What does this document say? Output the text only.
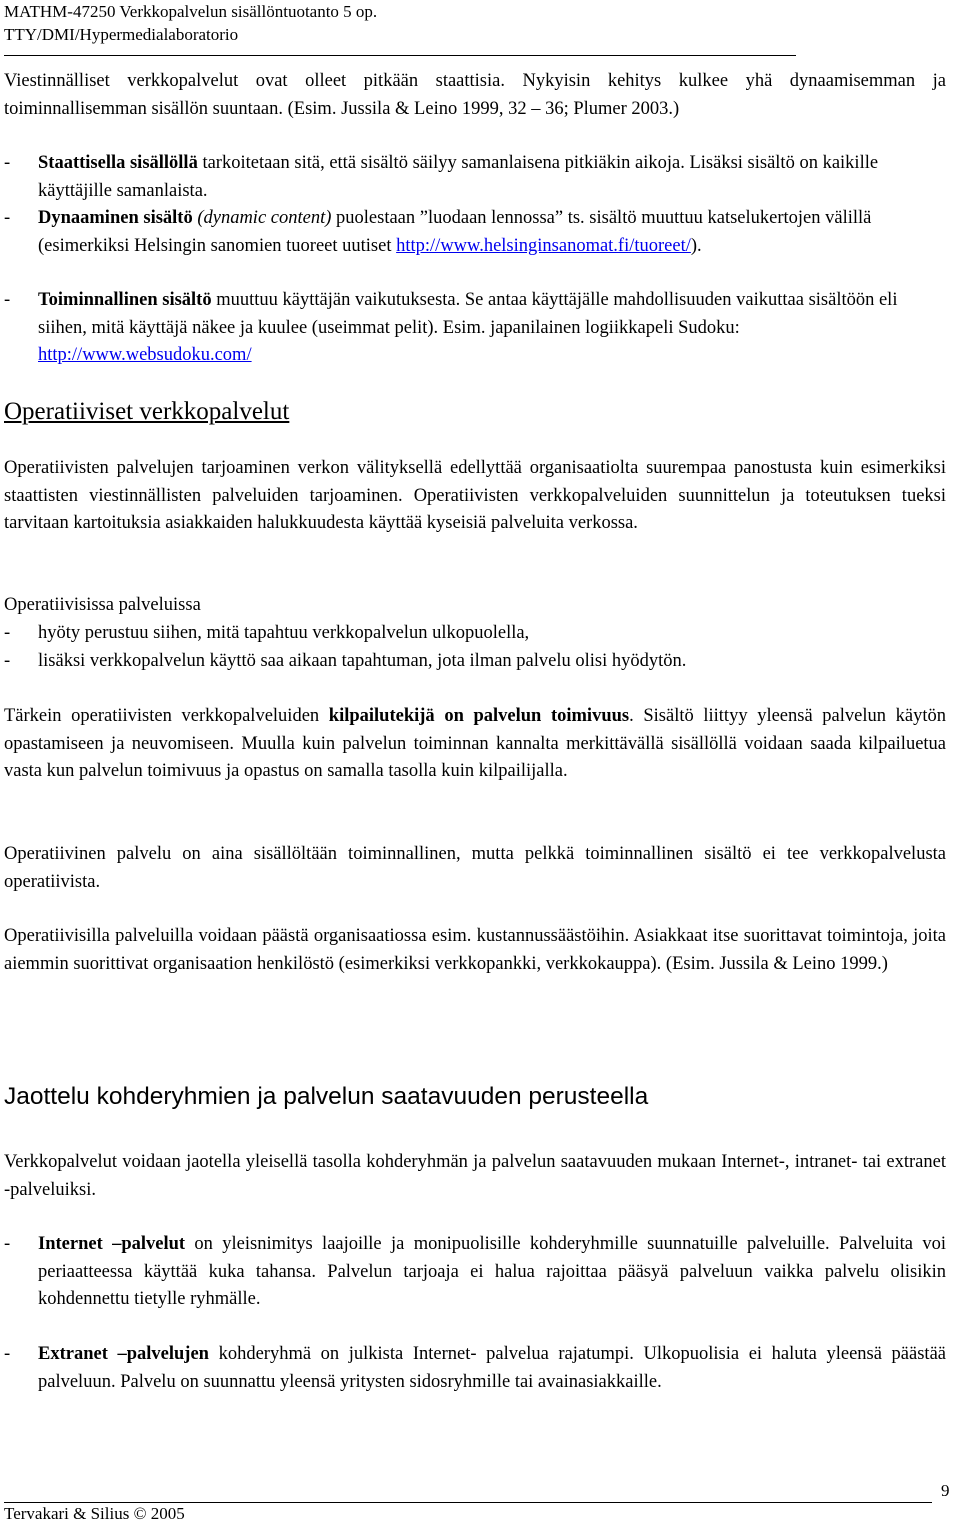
MATHM-47250 Verkkopalvelun sisällöntuotanto 5 op.

TTY/DMI/Hypermedialaboratorio

Viestinnälliset verkkopalvelut ovat olleet pitkään staattisia. Nykyisin kehitys kulkee yhä dynaamisemman ja toiminnallisemman sisällön suuntaan. (Esim. Jussila & Leino 1999, 32 – 36; Plumer 2003.)

- Staattisella sisällöllä tarkoitetaan sitä, että sisältö säilyy samanlaisena pitkiäkin aikoja. Lisäksi sisältö on kaikille käyttäjille samanlaista.

- Dynaaminen sisältö (dynamic content) puolestaan ”luodaan lennossa” ts. sisältö muuttuu katselukertojen välillä (esimerkiksi Helsingin sanomien tuoreet uutiset http://www.helsinginsanomat.fi/tuoreet/).

- Toiminnallinen sisältö muuttuu käyttäjän vaikutuksesta. Se antaa käyttäjälle mahdollisuuden vaikuttaa sisältöön eli siihen, mitä käyttäjä näkee ja kuulee (useimmat pelit). Esim. japanilainen logiikkapeli Sudoku: http://www.websudoku.com/

Operatiiviset verkkopalvelut

Operatiivisten palvelujen tarjoaminen verkon välityksellä edellyttää organisaatiolta suurempaa panostusta kuin esimerkiksi staattisten viestinnällisten palveluiden tarjoaminen. Operatiivisten verkkopalveluiden suunnittelun ja toteutuksen tueksi tarvitaan kartoituksia asiakkaiden halukkuudesta käyttää kyseisiä palveluita verkossa.

Operatiivisissa palveluissa

- hyöty perustuu siihen, mitä tapahtuu verkkopalvelun ulkopuolella,

- lisäksi verkkopalvelun käyttö saa aikaan tapahtuman, jota ilman palvelu olisi hyödytön.

Tärkein operatiivisten verkkopalveluiden kilpailutekijä on palvelun toimivuus. Sisältö liittyy yleensä palvelun käytön opastamiseen ja neuvomiseen. Muulla kuin palvelun toiminnan kannalta merkittävällä sisällöllä voidaan saada kilpailuetua vasta kun palvelun toimivuus ja opastus on samalla tasolla kuin kilpailijalla.

Operatiivinen palvelu on aina sisällöltään toiminnallinen, mutta pelkkä toiminnallinen sisältö ei tee verkkopalvelusta operatiivista.

Operatiivisilla palveluilla voidaan päästä organisaatiossa esim. kustannussäästöihin. Asiakkaat itse suorittavat toimintoja, joita aiemmin suorittivat organisaation henkilöstö (esimerkiksi verkkopankki, verkkokauppa). (Esim. Jussila & Leino 1999.)

Jaottelu kohderyhmien ja palvelun saatavuuden perusteella

Verkkopalvelut voidaan jaotella yleisellä tasolla kohderyhmän ja palvelun saatavuuden mukaan Internet-, intranet- tai extranet -palveluiksi.

- Internet –palvelut on yleisnimitys laajoille ja monipuolisille kohderyhmille suunnatuille palveluille. Palveluita voi periaatteessa käyttää kuka tahansa. Palvelun tarjoaja ei halua rajoittaa pääsyä palveluun vaikka palvelu olisikin kohdennettu tietylle ryhmälle.

- Extranet –palvelujen kohderyhmä on julkista Internet- palvelua rajatumpi. Ulkopuolisia ei haluta yleensä päästää palveluun. Palvelu on suunnattu yleensä yritysten sidosryhmille tai avainasiakkaille.

9

Tervakari & Silius © 2005
